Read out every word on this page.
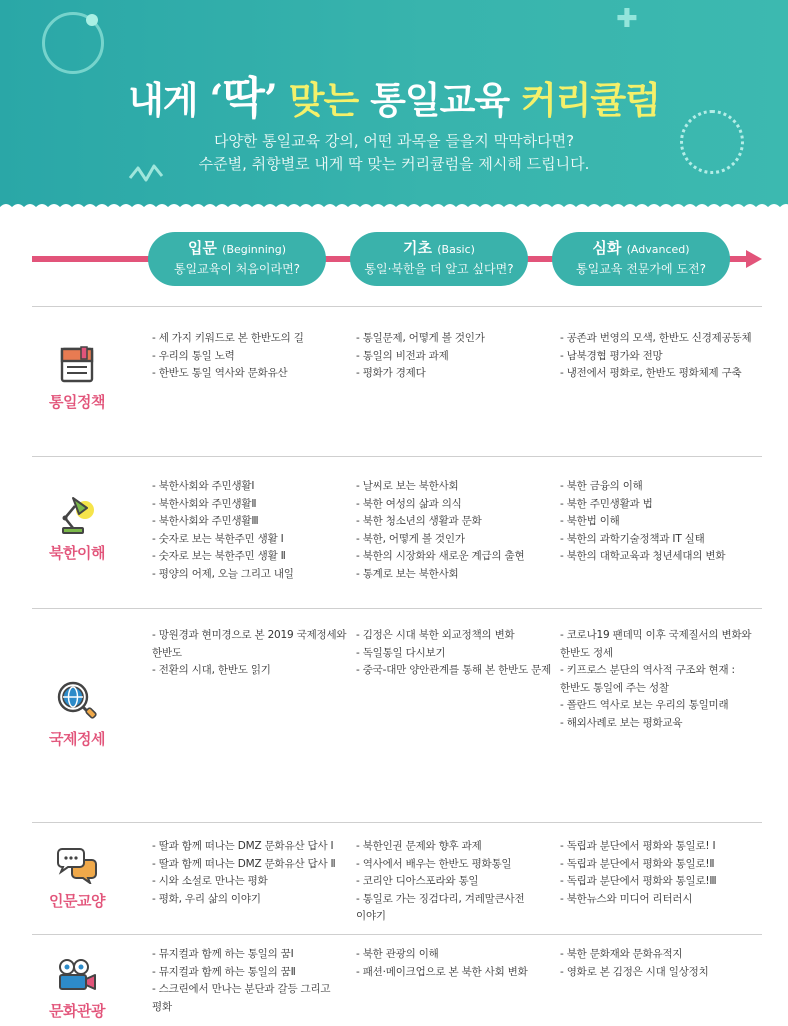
✚
내게 ‘딱’ 맞는 통일교육 커리큘럼
다양한 통일교육 강의, 어떤 과목을 들을지 막막하다면?
수준별, 취향별로 내게 딱 맞는 커리큘럼을 제시해 드립니다.
입문 (Beginning)
통일교육이 처음이라면?
기초 (Basic)
통일·북한을 더 알고 싶다면?
심화 (Advanced)
통일교육 전문가에 도전?
통일정책
- 세 가지 키워드로 본 한반도의 길
- 우리의 통일 노력
- 한반도 통일 역사와 문화유산
- 통일문제, 어떻게 볼 것인가
- 통일의 비전과 과제
- 평화가 경제다
- 공존과 번영의 모색, 한반도 신경제공동체
- 남북경협 평가와 전망
- 냉전에서 평화로, 한반도 평화체제 구축
북한이해
- 북한사회와 주민생활Ⅰ
- 북한사회와 주민생활Ⅱ
- 북한사회와 주민생활Ⅲ
- 숫자로 보는 북한주민 생활 Ⅰ
- 숫자로 보는 북한주민 생활 Ⅱ
- 평양의 어제, 오늘 그리고 내일
- 날씨로 보는 북한사회
- 북한 여성의 삶과 의식
- 북한 청소년의 생활과 문화
- 북한, 어떻게 볼 것인가
- 북한의 시장화와 새로운 계급의 출현
- 통계로 보는 북한사회
- 북한 금융의 이해
- 북한 주민생활과 법
- 북한법 이해
- 북한의 과학기술정책과 IT 실태
- 북한의 대학교육과 청년세대의 변화
국제정세
- 망원경과 현미경으로 본 2019 국제정세와 한반도
- 전환의 시대, 한반도 읽기
- 김정은 시대 북한 외교정책의 변화
- 독일통일 다시보기
- 중국-대만 양안관계를 통해 본 한반도 문제
- 코로나19 팬데믹 이후 국제질서의 변화와 한반도 정세
- 키프로스 분단의 역사적 구조와 현재 : 한반도 통일에 주는 성찰
- 폴란드 역사로 보는 우리의 통일미래
- 해외사례로 보는 평화교육
인문교양
- 딸과 함께 떠나는 DMZ 문화유산 답사 Ⅰ
- 딸과 함께 떠나는 DMZ 문화유산 답사 Ⅱ
- 시와 소설로 만나는 평화
- 평화, 우리 삶의 이야기
- 북한인권 문제와 향후 과제
- 역사에서 배우는 한반도 평화통일
- 코리안 디아스포라와 통일
- 통일로 가는 징검다리, 겨레말큰사전 이야기
- 독립과 분단에서 평화와 통일로! Ⅰ
- 독립과 분단에서 평화와 통일로!Ⅱ
- 독립과 분단에서 평화와 통일로!Ⅲ
- 북한뉴스와 미디어 리터러시
문화관광
- 뮤지컬과 함께 하는 통일의 꿈Ⅰ
- 뮤지컬과 함께 하는 통일의 꿈Ⅱ
- 스크린에서 만나는 분단과 갈등 그리고 평화
- 북한 관광의 이해
- 패션·메이크업으로 본 북한 사회 변화
- 북한 문화재와 문화유적지
- 영화로 본 김정은 시대 일상정치
